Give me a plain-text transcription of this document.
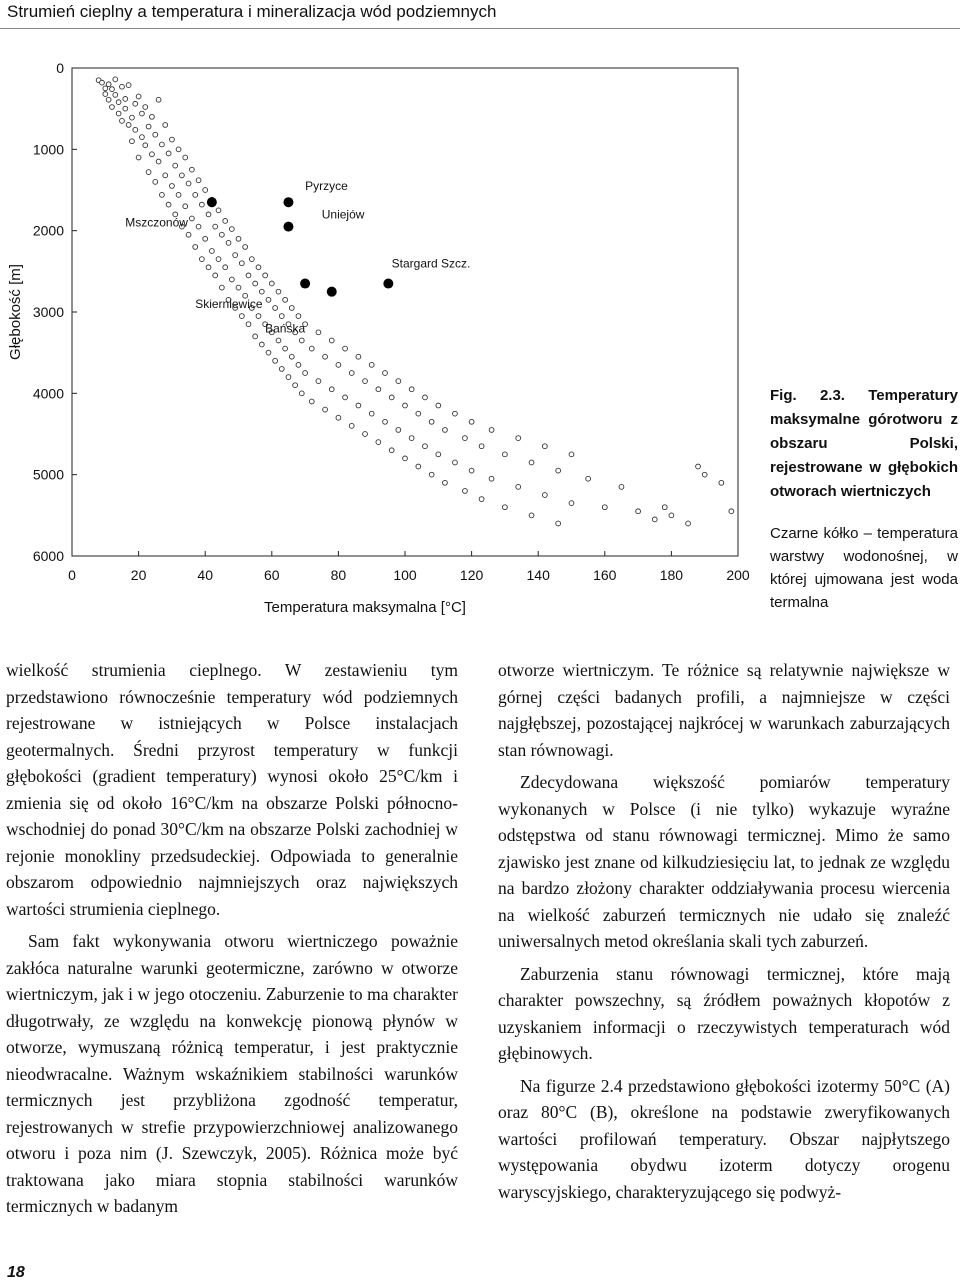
Strumień cieplny a temperatura i mineralizacja wód podziemnych
Mszczonów
Pyrzyce
Uniejów
Stargard Szcz.
Skierniewice
Bańska
0	20	40	60	80	100	120	140	160	180	200
0
1000
2000
3000
4000
5000
6000
Temperatura maksymalna [°C]
Głębokość [m]
Fig. 2.3. Temperatury maksymalne górotworu z obszaru Polski, rejestrowane w głębokich otworach wiertniczych
Czarne kółko – temperatura warstwy wodonośnej, w której ujmowana jest woda termalna

wielkość strumienia cieplnego. W zestawieniu tym przedstawiono równocześnie temperatury wód podziemnych rejestrowane w istniejących w Polsce instalacjach geotermalnych. Średni przyrost temperatury w funkcji głębokości (gradient temperatury) wynosi około 25°C/km i zmienia się od około 16°C/km na obszarze Polski północno-wschodniej do ponad 30°C/km na obszarze Polski zachodniej w rejonie monokliny przedsudeckiej. Odpowiada to generalnie obszarom odpowiednio najmniejszych oraz największych wartości strumienia cieplnego.

Sam fakt wykonywania otworu wiertniczego poważnie zakłóca naturalne warunki geotermiczne, zarówno w otworze wiertniczym, jak i w jego otoczeniu. Zaburzenie to ma charakter długotrwały, ze względu na konwekcję pionową płynów w otworze, wymuszaną różnicą temperatur, i jest praktycznie nieodwracalne. Ważnym wskaźnikiem stabilności warunków termicznych jest przybliżona zgodność temperatur, rejestrowanych w strefie przypowierzchniowej analizowanego otworu i poza nim (J. Szewczyk, 2005). Różnica może być traktowana jako miara stopnia stabilności warunków termicznych w badanym

otworze wiertniczym. Te różnice są relatywnie największe w górnej części badanych profili, a najmniejsze w części najgłębszej, pozostającej najkrócej w warunkach zaburzających stan równowagi.

Zdecydowana większość pomiarów temperatury wykonanych w Polsce (i nie tylko) wykazuje wyraźne odstępstwa od stanu równowagi termicznej. Mimo że samo zjawisko jest znane od kilkudziesięciu lat, to jednak ze względu na bardzo złożony charakter oddziaływania procesu wiercenia na wielkość zaburzeń termicznych nie udało się znaleźć uniwersalnych metod określania skali tych zaburzeń.

Zaburzenia stanu równowagi termicznej, które mają charakter powszechny, są źródłem poważnych kłopotów z uzyskaniem informacji o rzeczywistych temperaturach wód głębinowych.

Na figurze 2.4 przedstawiono głębokości izotermy 50°C (A) oraz 80°C (B), określone na podstawie zweryfikowanych wartości profilowań temperatury. Obszar najpłytszego występowania obydwu izoterm dotyczy orogenu waryscyjskiego, charakteryzującego się podwyż-

18
